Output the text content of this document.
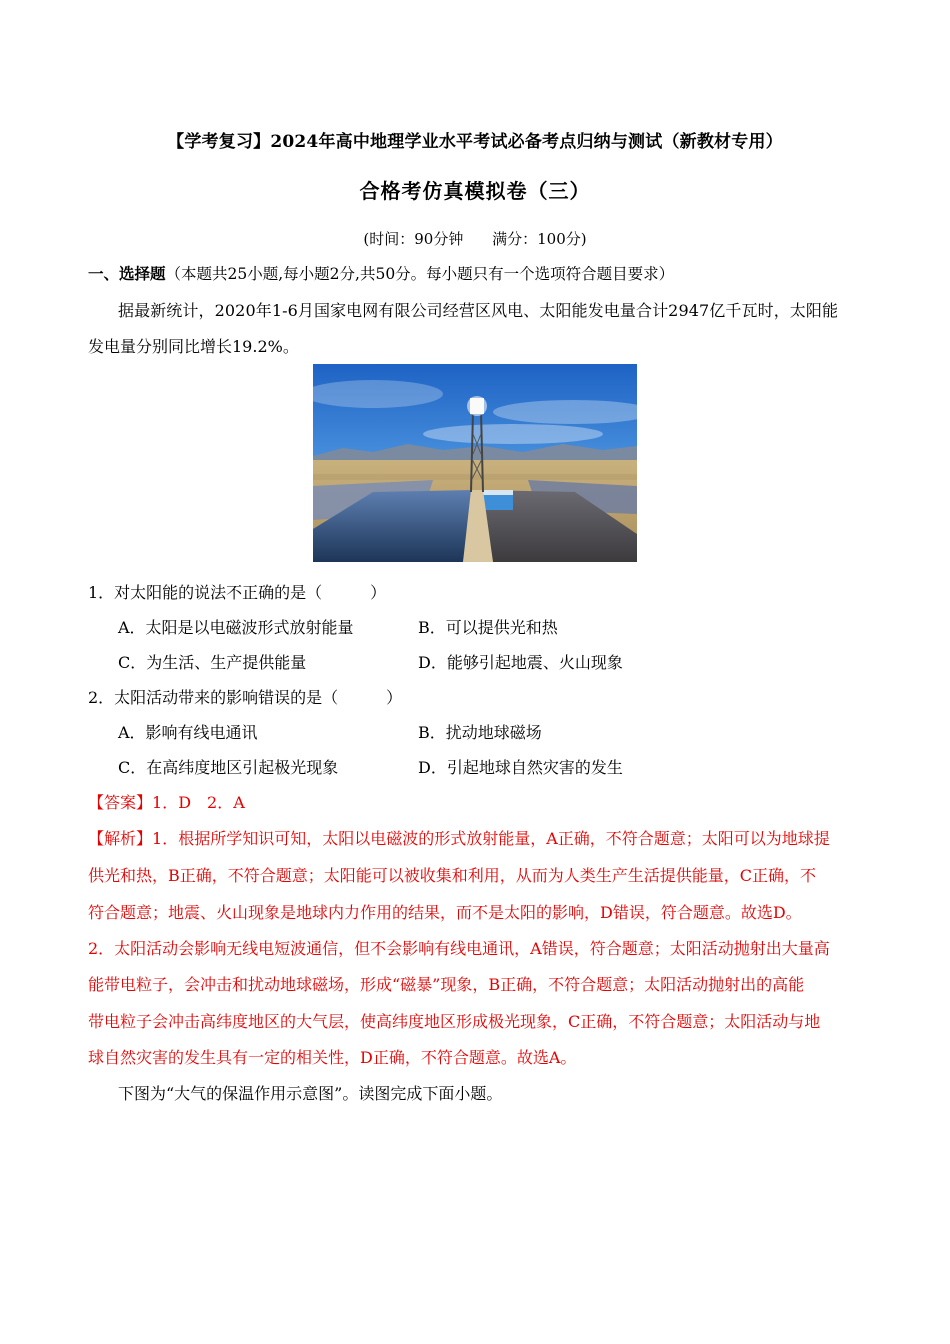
【学考复习】2024年高中地理学业水平考试必备考点归纳与测试（新教材专用）
合格考仿真模拟卷（三）
(时间：90分钟 满分：100分)
一、选择题（本题共25小题,每小题2分,共50分。每小题只有一个选项符合题目要求）
据最新统计，2020年1-6月国家电网有限公司经营区风电、太阳能发电量合计2947亿千瓦时，太阳能
发电量分别同比增长19.2%。
1．对太阳能的说法不正确的是（　　　）
A．太阳是以电磁波形式放射能量	B．可以提供光和热
C．为生活、生产提供能量	D．能够引起地震、火山现象
2．太阳活动带来的影响错误的是（　　　）
A．影响有线电通讯	B．扰动地球磁场
C．在高纬度地区引起极光现象	D．引起地球自然灾害的发生
【答案】1．D　2．A
【解析】1．根据所学知识可知，太阳以电磁波的形式放射能量，A正确，不符合题意；太阳可以为地球提
供光和热，B正确，不符合题意；太阳能可以被收集和利用，从而为人类生产生活提供能量，C正确，不
符合题意；地震、火山现象是地球内力作用的结果，而不是太阳的影响，D错误，符合题意。故选D。
2．太阳活动会影响无线电短波通信，但不会影响有线电通讯，A错误，符合题意；太阳活动抛射出大量高
能带电粒子，会冲击和扰动地球磁场，形成“磁暴”现象，B正确，不符合题意；太阳活动抛射出的高能
带电粒子会冲击高纬度地区的大气层，使高纬度地区形成极光现象，C正确，不符合题意；太阳活动与地
球自然灾害的发生具有一定的相关性，D正确，不符合题意。故选A。
下图为“大气的保温作用示意图”。读图完成下面小题。
